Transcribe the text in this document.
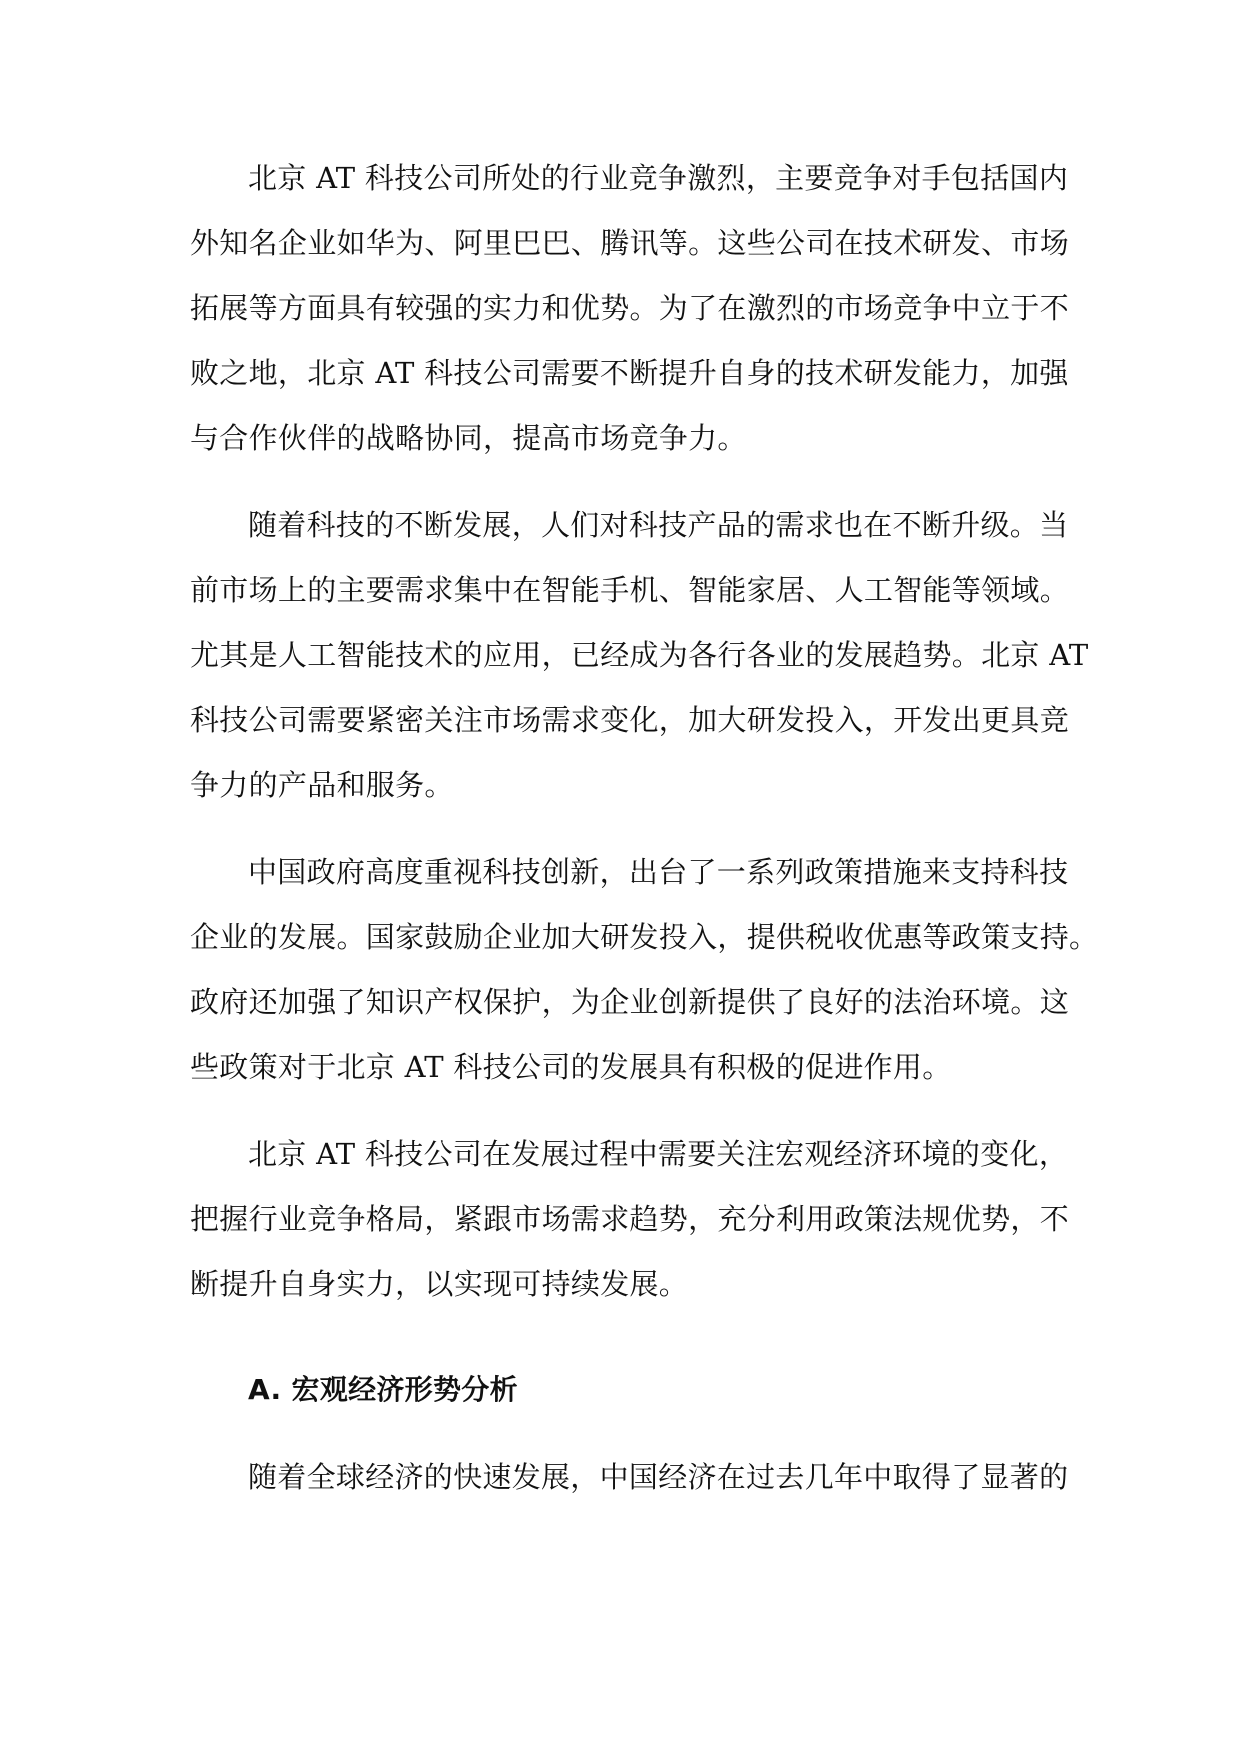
北京 AT 科技公司所处的行业竞争激烈，主要竞争对手包括国内
外知名企业如华为、阿里巴巴、腾讯等。这些公司在技术研发、市场
拓展等方面具有较强的实力和优势。为了在激烈的市场竞争中立于不
败之地，北京 AT 科技公司需要不断提升自身的技术研发能力，加强
与合作伙伴的战略协同，提高市场竞争力。
随着科技的不断发展，人们对科技产品的需求也在不断升级。当
前市场上的主要需求集中在智能手机、智能家居、人工智能等领域。
尤其是人工智能技术的应用，已经成为各行各业的发展趋势。北京 AT
科技公司需要紧密关注市场需求变化，加大研发投入，开发出更具竞
争力的产品和服务。
中国政府高度重视科技创新，出台了一系列政策措施来支持科技
企业的发展。国家鼓励企业加大研发投入，提供税收优惠等政策支持。
政府还加强了知识产权保护，为企业创新提供了良好的法治环境。这
些政策对于北京 AT 科技公司的发展具有积极的促进作用。
北京 AT 科技公司在发展过程中需要关注宏观经济环境的变化，
把握行业竞争格局，紧跟市场需求趋势，充分利用政策法规优势，不
断提升自身实力，以实现可持续发展。
A. 宏观经济形势分析
随着全球经济的快速发展，中国经济在过去几年中取得了显著的
